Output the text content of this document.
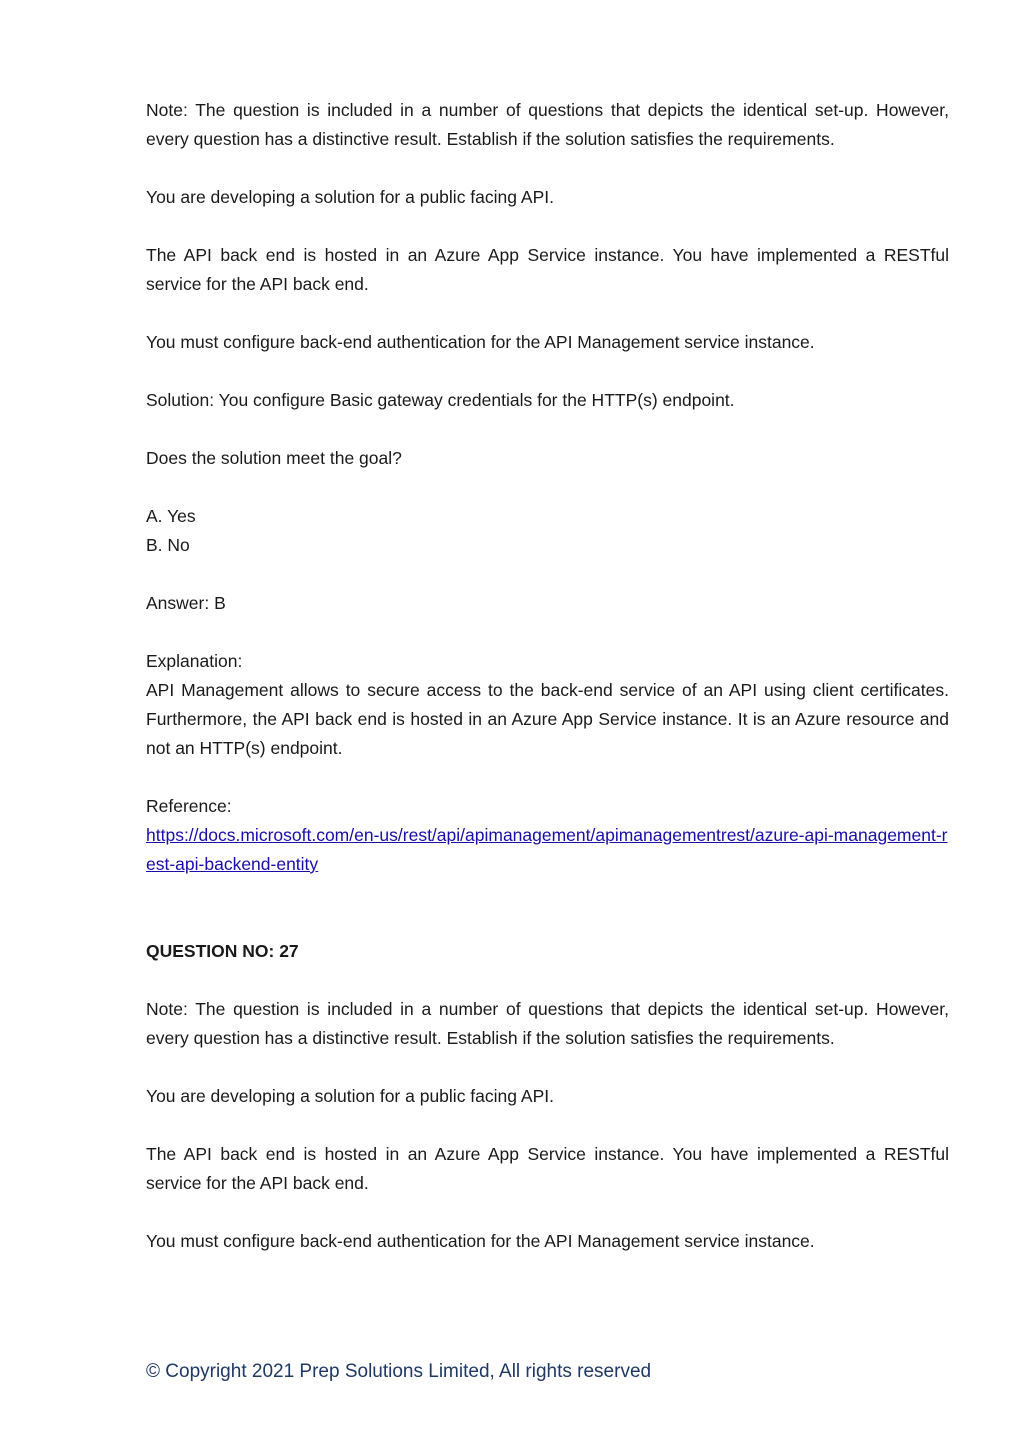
Note: The question is included in a number of questions that depicts the identical set-up. However, every question has a distinctive result. Establish if the solution satisfies the requirements.

You are developing a solution for a public facing API.

The API back end is hosted in an Azure App Service instance. You have implemented a RESTful service for the API back end.

You must configure back-end authentication for the API Management service instance.

Solution: You configure Basic gateway credentials for the HTTP(s) endpoint.

Does the solution meet the goal?

A. Yes
B. No

Answer: B

Explanation:
API Management allows to secure access to the back-end service of an API using client certificates. Furthermore, the API back end is hosted in an Azure App Service instance. It is an Azure resource and not an HTTP(s) endpoint.
Reference:
https://docs.microsoft.com/en-us/rest/api/apimanagement/apimanagementrest/azure-api-management-rest-api-backend-entity

QUESTION NO: 27

Note: The question is included in a number of questions that depicts the identical set-up. However, every question has a distinctive result. Establish if the solution satisfies the requirements.

You are developing a solution for a public facing API.

The API back end is hosted in an Azure App Service instance. You have implemented a RESTful service for the API back end.

You must configure back-end authentication for the API Management service instance.

© Copyright 2021 Prep Solutions Limited, All rights reserved
